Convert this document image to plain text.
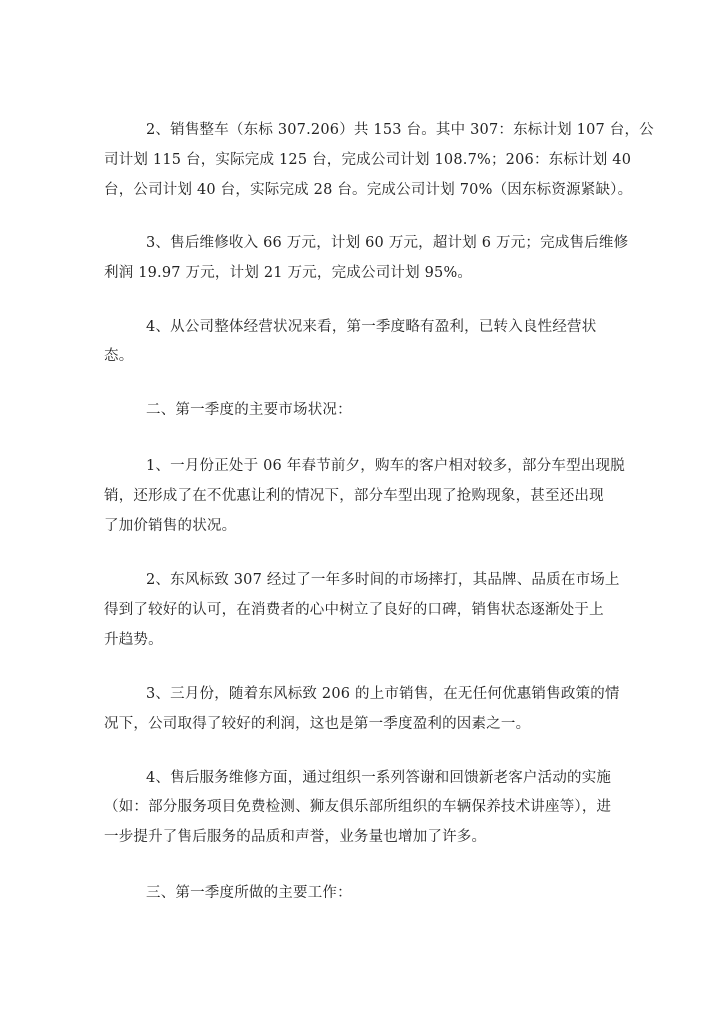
2、销售整车（东标 307.206）共 153 台。其中 307：东标计划 107 台，公
司计划 115 台，实际完成 125 台，完成公司计划 108.7%；206：东标计划 40
台，公司计划 40 台，实际完成 28 台。完成公司计划 70%（因东标资源紧缺）。
3、售后维修收入 66 万元，计划 60 万元，超计划 6 万元；完成售后维修
利润 19.97 万元，计划 21 万元，完成公司计划 95%。
4、从公司整体经营状况来看，第一季度略有盈利，已转入良性经营状
态。
二、第一季度的主要市场状况：
1、一月份正处于 06 年春节前夕，购车的客户相对较多，部分车型出现脱
销，还形成了在不优惠让利的情况下，部分车型出现了抢购现象，甚至还出现
了加价销售的状况。
2、东风标致 307 经过了一年多时间的市场摔打，其品牌、品质在市场上
得到了较好的认可，在消费者的心中树立了良好的口碑，销售状态逐渐处于上
升趋势。
3、三月份，随着东风标致 206 的上市销售，在无任何优惠销售政策的情
况下，公司取得了较好的利润，这也是第一季度盈利的因素之一。
4、售后服务维修方面，通过组织一系列答谢和回馈新老客户活动的实施
（如：部分服务项目免费检测、狮友俱乐部所组织的车辆保养技术讲座等），进
一步提升了售后服务的品质和声誉，业务量也增加了许多。
三、第一季度所做的主要工作：
